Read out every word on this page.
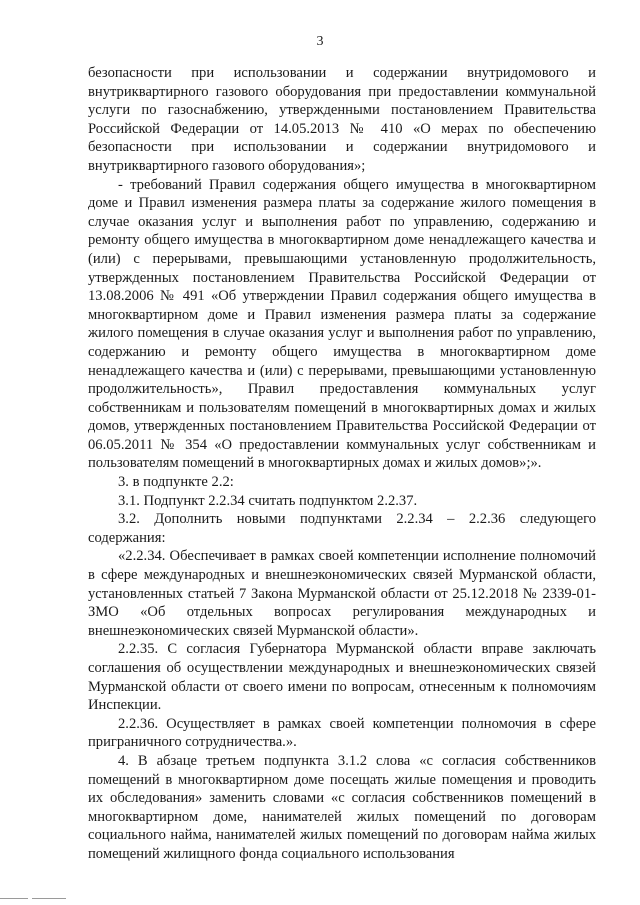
3

безопасности при использовании и содержании внутридомового и внутриквартирного газового оборудования при предоставлении коммунальной услуги по газоснабжению, утвержденными постановлением Правительства Российской Федерации от 14.05.2013 № 410 «О мерах по обеспечению безопасности при использовании и содержании внутридомового и внутриквартирного газового оборудования»;

- требований Правил содержания общего имущества в многоквартирном доме и Правил изменения размера платы за содержание жилого помещения в случае оказания услуг и выполнения работ по управлению, содержанию и ремонту общего имущества в многоквартирном доме ненадлежащего качества и (или) с перерывами, превышающими установленную продолжительность, утвержденных постановлением Правительства Российской Федерации от 13.08.2006 № 491 «Об утверждении Правил содержания общего имущества в многоквартирном доме и Правил изменения размера платы за содержание жилого помещения в случае оказания услуг и выполнения работ по управлению, содержанию и ремонту общего имущества в многоквартирном доме ненадлежащего качества и (или) с перерывами, превышающими установленную продолжительность», Правил предоставления коммунальных услуг собственникам и пользователям помещений в многоквартирных домах и жилых домов, утвержденных постановлением Правительства Российской Федерации от 06.05.2011 № 354 «О предоставлении коммунальных услуг собственникам и пользователям помещений в многоквартирных домах и жилых домов»;».

3. в подпункте 2.2:

3.1. Подпункт 2.2.34 считать подпунктом 2.2.37.

3.2. Дополнить новыми подпунктами 2.2.34 – 2.2.36 следующего содержания:

«2.2.34. Обеспечивает в рамках своей компетенции исполнение полномочий в сфере международных и внешнеэкономических связей Мурманской области, установленных статьей 7 Закона Мурманской области от 25.12.2018 № 2339-01-ЗМО «Об отдельных вопросах регулирования международных и внешнеэкономических связей Мурманской области».

2.2.35. С согласия Губернатора Мурманской области вправе заключать соглашения об осуществлении международных и внешнеэкономических связей Мурманской области от своего имени по вопросам, отнесенным к полномочиям Инспекции.

2.2.36. Осуществляет в рамках своей компетенции полномочия в сфере приграничного сотрудничества.».

4. В абзаце третьем подпункта 3.1.2 слова «с согласия собственников помещений в многоквартирном доме посещать жилые помещения и проводить их обследования» заменить словами «с согласия собственников помещений в многоквартирном доме, нанимателей жилых помещений по договорам социального найма, нанимателей жилых помещений по договорам найма жилых помещений жилищного фонда социального использования
